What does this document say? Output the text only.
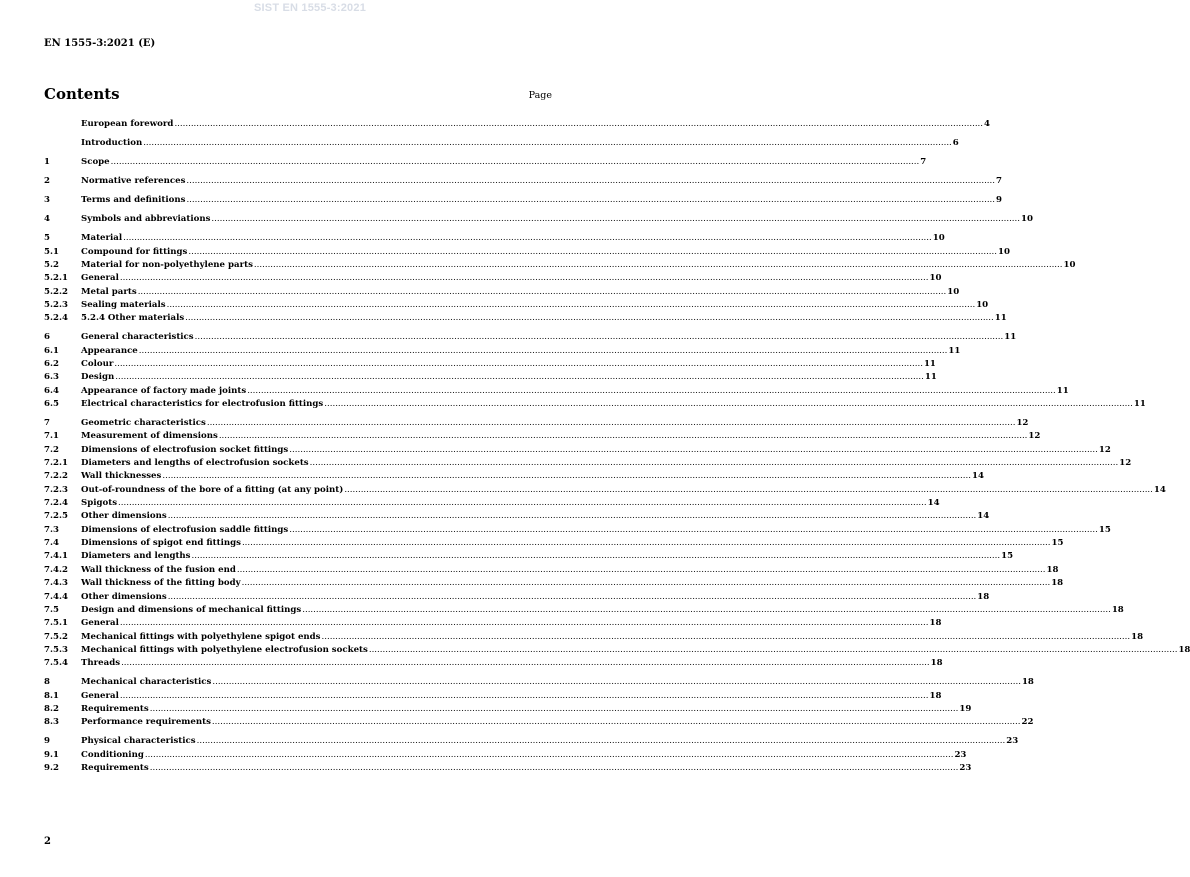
SIST EN 1555-3:2021
EN 1555-3:2021 (E)
Contents	Page
European foreword .....	4
Introduction .....	6
1	Scope .....	7
2	Normative references .....	7
3	Terms and definitions .....	9
4	Symbols and abbreviations .....	10
5	Material .....	10
5.1	Compound for fittings .....	10
5.2	Material for non-polyethylene parts .....	10
5.2.1	General .....	10
5.2.2	Metal parts .....	10
5.2.3	Sealing materials .....	10
5.2.4	5.2.4 Other materials .....	11
6	General characteristics .....	11
6.1	Appearance .....	11
6.2	Colour .....	11
6.3	Design .....	11
6.4	Appearance of factory made joints .....	11
6.5	Electrical characteristics for electrofusion fittings .....	11
7	Geometric characteristics .....	12
7.1	Measurement of dimensions .....	12
7.2	Dimensions of electrofusion socket fittings .....	12
7.2.1	Diameters and lengths of electrofusion sockets .....	12
7.2.2	Wall thicknesses .....	14
7.2.3	Out-of-roundness of the bore of a fitting (at any point) .....	14
7.2.4	Spigots .....	14
7.2.5	Other dimensions .....	14
7.3	Dimensions of electrofusion saddle fittings .....	15
7.4	Dimensions of spigot end fittings .....	15
7.4.1	Diameters and lengths .....	15
7.4.2	Wall thickness of the fusion end .....	18
7.4.3	Wall thickness of the fitting body .....	18
7.4.4	Other dimensions .....	18
7.5	Design and dimensions of mechanical fittings .....	18
7.5.1	General .....	18
7.5.2	Mechanical fittings with polyethylene spigot ends .....	18
7.5.3	Mechanical fittings with polyethylene electrofusion sockets .....	18
7.5.4	Threads .....	18
8	Mechanical characteristics .....	18
8.1	General .....	18
8.2	Requirements .....	19
8.3	Performance requirements .....	22
9	Physical characteristics .....	23
9.1	Conditioning .....	23
9.2	Requirements .....	23
2
